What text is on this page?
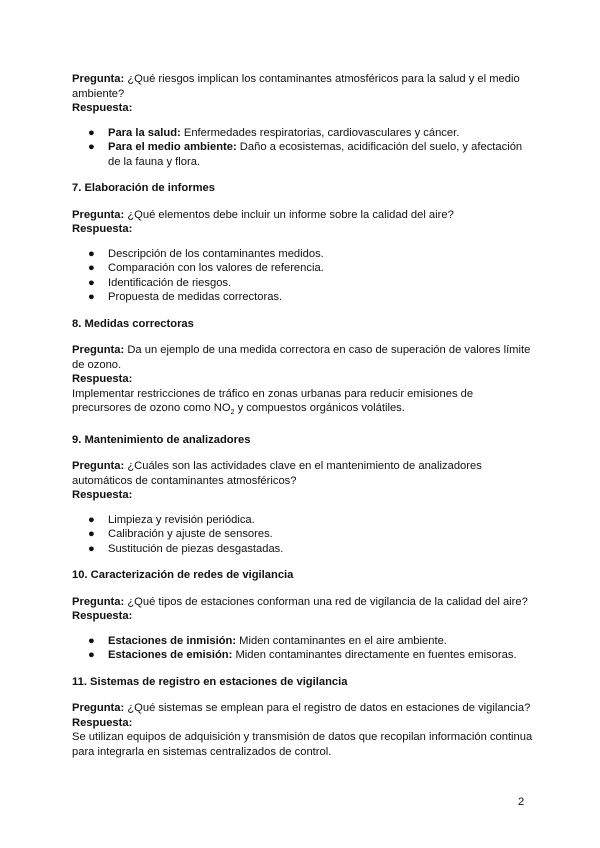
Pregunta: ¿Qué riesgos implican los contaminantes atmosféricos para la salud y el medio ambiente?

Respuesta:

● Para la salud: Enfermedades respiratorias, cardiovasculares y cáncer.
● Para el medio ambiente: Daño a ecosistemas, acidificación del suelo, y afectación de la fauna y flora.

7. Elaboración de informes

Pregunta: ¿Qué elementos debe incluir un informe sobre la calidad del aire?

Respuesta:

● Descripción de los contaminantes medidos.
● Comparación con los valores de referencia.
● Identificación de riesgos.
● Propuesta de medidas correctoras.

8. Medidas correctoras

Pregunta: Da un ejemplo de una medida correctora en caso de superación de valores límite de ozono.

Respuesta:

Implementar restricciones de tráfico en zonas urbanas para reducir emisiones de precursores de ozono como $NO_2$ y compuestos orgánicos volátiles.

9. Mantenimiento de analizadores

Pregunta: ¿Cuáles son las actividades clave en el mantenimiento de analizadores automáticos de contaminantes atmosféricos?

Respuesta:

● Limpieza y revisión periódica.
● Calibración y ajuste de sensores.
● Sustitución de piezas desgastadas.

10. Caracterización de redes de vigilancia

Pregunta: ¿Qué tipos de estaciones conforman una red de vigilancia de la calidad del aire?

Respuesta:

● Estaciones de inmisión: Miden contaminantes en el aire ambiente.
● Estaciones de emisión: Miden contaminantes directamente en fuentes emisoras.

11. Sistemas de registro en estaciones de vigilancia

Pregunta: ¿Qué sistemas se emplean para el registro de datos en estaciones de vigilancia?

Respuesta:

Se utilizan equipos de adquisición y transmisión de datos que recopilan información continua para integrarla en sistemas centralizados de control.

2
